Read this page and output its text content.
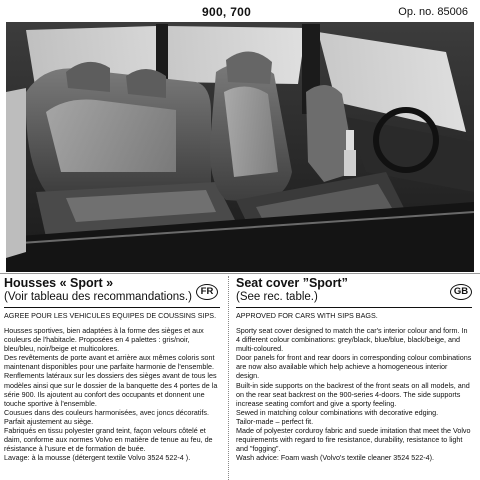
900, 700	Op. no. 85006
Housses « Sport »
(Voir tableau des recommandations.) FR
AGREE POUR LES VEHICULES EQUIPES DE COUSSINS SIPS.

Housses sportives, bien adaptées à la forme des sièges et aux couleurs de l'habitacle. Proposées en 4 palettes : gris/noir, bleu/bleu, noir/beige et multicolores.

Des revêtements de porte avant et arrière aux mêmes coloris sont maintenant disponibles pour une parfaite harmonie de l'ensemble.

Renflements latéraux sur les dossiers des sièges avant de tous les modèles ainsi que sur le dossier de la banquette des 4 portes de la série 900. Ils ajoutent au confort des occupants et donnent une touche sportive à l'ensemble.

Cousues dans des couleurs harmonisées, avec joncs décoratifs.

Parfait ajustement au siège.

Fabriqués en tissu polyester grand teint, façon velours côtelé et daim, conforme aux normes Volvo en matière de tenue au feu, de résistance à l'usure et de formation de buée.

Lavage: à la mousse (détergent textile Volvo 3524 522-4 ).

Seat cover ”Sport”
(See rec. table.)	GB
APPROVED FOR CARS WITH SIPS BAGS.

Sporty seat cover designed to match the car's interior colour and form. In 4 different colour combinations: grey/black, blue/blue, black/beige, and multi-coloured.

Door panels for front and rear doors in corresponding colour combinations are now also available which help achieve a homogeneous interior design.

Built-in side supports on the backrest of the front seats on all models, and on the rear seat backrest on the 900-series 4-doors. The side supports increase seating comfort and give a sporty feeling.

Sewed in matching colour combinations with decorative edging.

Tailor-made – perfect fit.

Made of polyester corduroy fabric and suede imitation that meet the Volvo requirements with regard to fire resistance, durability, resistance to light and ”fogging”.

Wash advice: Foam wash (Volvo's textile cleaner 3524 522-4).
